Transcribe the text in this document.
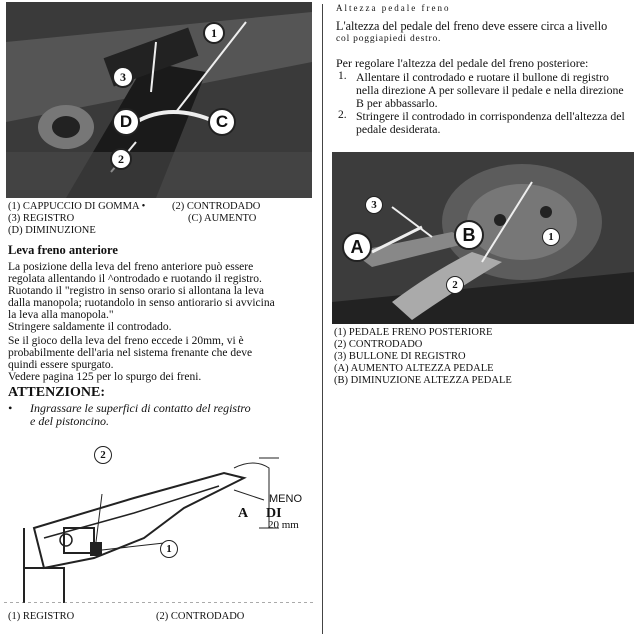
1
2
3
D	C
(1) CAPPUCCIO DI GOMMA •	(2) CONTRODADO
(3) REGISTRO	(C) AUMENTO
(D) DIMINUZIONE
Leva freno anteriore
La posizione della leva del freno anteriore può essere
regolata allentando il ^ontrodado e ruotando il registro.
Ruotando il "registro in senso orario si allontana la leva
dalla manopola; ruotandolo in senso antiorario si avvicina
la leva alla manopola."
Stringere saldamente il controdado.
Se il gioco della leva del freno eccede i 20mm, vi è
probabilmente dell'aria nel sistema frenante che deve
quindi essere spurgato.
Vedere pagina 125 per lo spurgo dei freni.
ATTENZIONE:
• Ingrassare le superfici di contatto del registro
e del pistoncino.
2
1
MENO
A DI
20 mm
(1) REGISTRO	(2) CONTRODADO
Altezza pedale freno
L'altezza del pedale del freno deve essere circa a livello
col poggiapiedi destro.
Per regolare l'altezza del pedale del freno posteriore:
1. Allentare il controdado e ruotare il bullone di registro nella direzione A per sollevare il pedale e nella direzione B per abbassarlo.
2. Stringere il controdado in corrispondenza dell'altezza del pedale desiderata.
3
B
A
2
1
(1) PEDALE FRENO POSTERIORE
(2) CONTRODADO
(3) BULLONE DI REGISTRO
(A) AUMENTO ALTEZZA PEDALE
(B) DIMINUZIONE ALTEZZA PEDALE
